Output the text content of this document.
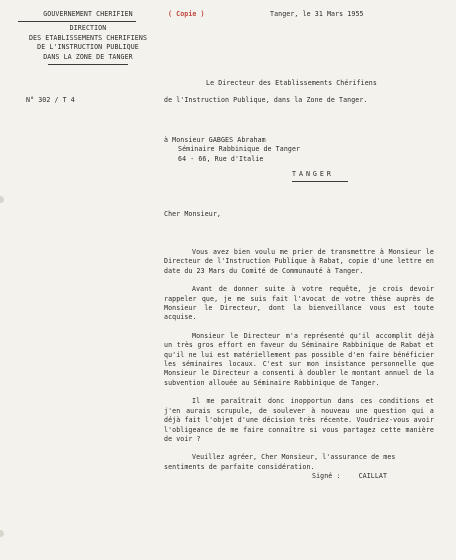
GOUVERNEMENT CHERIFIEN
DIRECTION
DES ETABLISSEMENTS CHERIFIENS
DE L'INSTRUCTION PUBLIQUE
DANS LA ZONE DE TANGER
( Copie )	Tanger, le 31 Mars 1955
N° 302 / T 4
Le Directeur des Etablissements Chérifiens
de l'Instruction Publique, dans la Zone de Tanger.
à Monsieur GABGES Abraham
Séminaire Rabbinique de Tanger
64 - 66, Rue d'Italie
TANGER
Cher Monsieur,

Vous avez bien voulu me prier de transmettre à Monsieur le Directeur de l'Instruction Publique à Rabat, copie d'une lettre en date du 23 Mars du Comité de Communauté à Tanger.

Avant de donner suite à votre requête, je crois devoir rappeler que, je me suis fait l'avocat de votre thèse auprès de Monsieur le Directeur, dont la bienveillance vous est toute acquise.

Monsieur le Directeur m'a représenté qu'il accomplit déjà un très gros effort en faveur du Séminaire Rabbinique de Rabat et qu'il ne lui est matériellement pas possible d'en faire bénéficier les séminaires locaux. C'est sur mon insistance personnelle que Monsieur le Directeur a consenti à doubler le montant annuel de la subvention allouée au Séminaire Rabbinique de Tanger.

Il me paraîtrait donc inopportun dans ces conditions et j'en aurais scrupule, de soulever à nouveau une question qui a déjà fait l'objet d'une décision très récente. Voudriez-vous avoir l'obligeance de me faire connaître si vous partagez cette manière de voir ?

Veuillez agréer, Cher Monsieur, l'assurance de mes sentiments de parfaite considération.

Signé :	CAILLAT
